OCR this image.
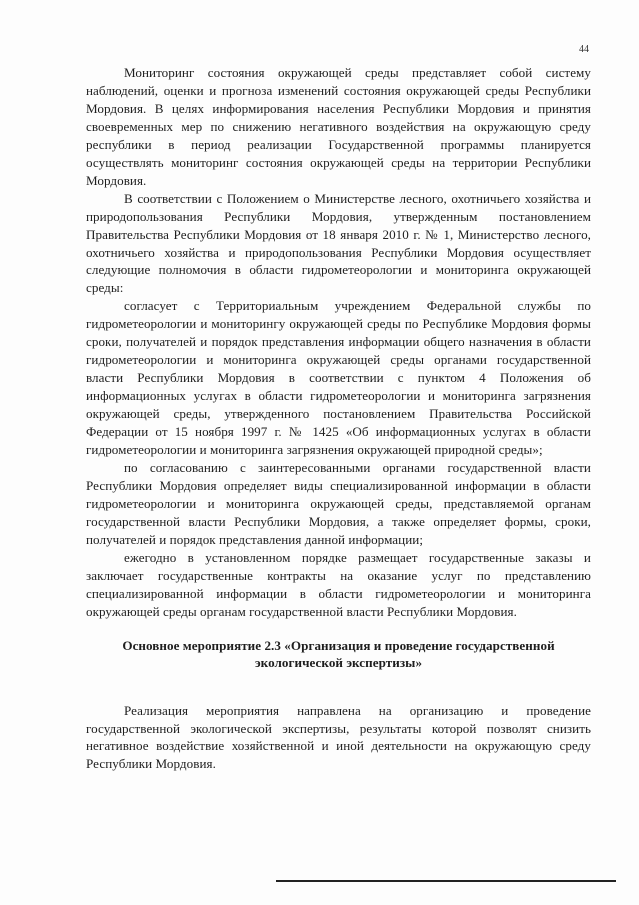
44

Мониторинг состояния окружающей среды представляет собой систему наблюдений, оценки и прогноза изменений состояния окружающей среды Республики Мордовия. В целях информирования населения Республики Мордовия и принятия своевременных мер по снижению негативного воздействия на окружающую среду республики в период реализации Государственной программы планируется осуществлять мониторинг состояния окружающей среды на территории Республики Мордовия.

В соответствии с Положением о Министерстве лесного, охотничьего хозяйства и природопользования Республики Мордовия, утвержденным постановлением Правительства Республики Мордовия от 18 января 2010 г. № 1, Министерство лесного, охотничьего хозяйства и природопользования Республики Мордовия осуществляет следующие полномочия в области гидрометеорологии и мониторинга окружающей среды:

согласует с Территориальным учреждением Федеральной службы по гидрометеорологии и мониторингу окружающей среды по Республике Мордовия формы сроки, получателей и порядок представления информации общего назначения в области гидрометеорологии и мониторинга окружающей среды органами государственной власти Республики Мордовия в соответствии с пунктом 4 Положения об информационных услугах в области гидрометеорологии и мониторинга загрязнения окружающей среды, утвержденного постановлением Правительства Российской Федерации от 15 ноября 1997 г. № 1425 «Об информационных услугах в области гидрометеорологии и мониторинга загрязнения окружающей природной среды»;

по согласованию с заинтересованными органами государственной власти Республики Мордовия определяет виды специализированной информации в области гидрометеорологии и мониторинга окружающей среды, представляемой органам государственной власти Республики Мордовия, а также определяет формы, сроки, получателей и порядок представления данной информации;

ежегодно в установленном порядке размещает государственные заказы и заключает государственные контракты на оказание услуг по представлению специализированной информации в области гидрометеорологии и мониторинга окружающей среды органам государственной власти Республики Мордовия.

Основное мероприятие 2.3 «Организация и проведение государственной экологической экспертизы»

Реализация мероприятия направлена на организацию и проведение государственной экологической экспертизы, результаты которой позволят снизить негативное воздействие хозяйственной и иной деятельности на окружающую среду Республики Мордовия.
